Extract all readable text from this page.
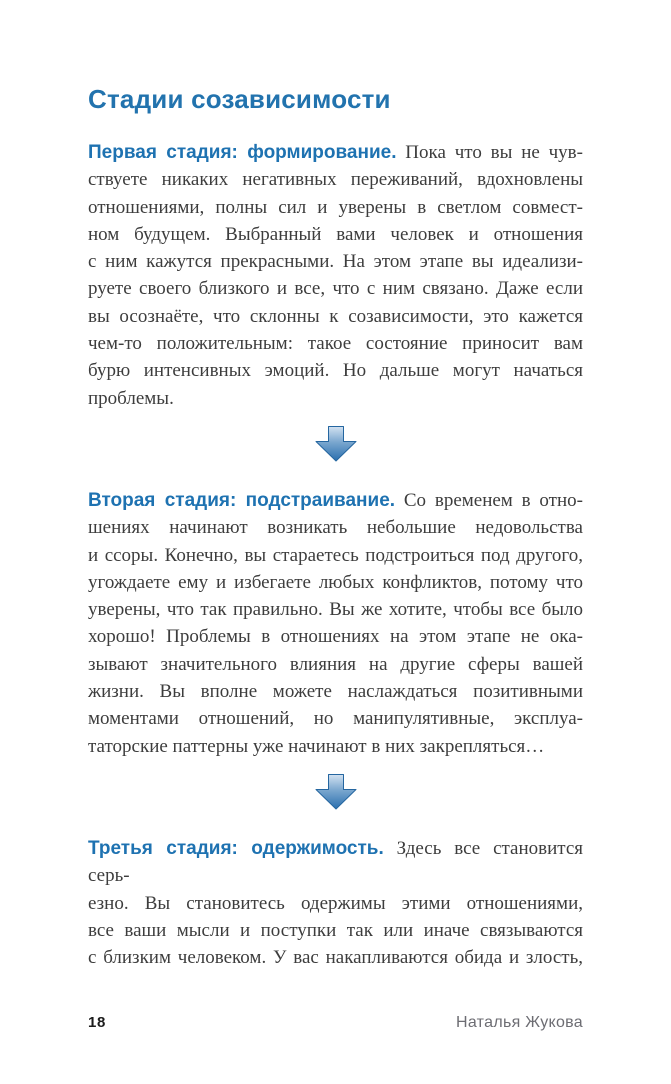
Стадии созависимости
Первая стадия: формирование. Пока что вы не чув-
ствуете никаких негативных переживаний, вдохновлены
отношениями, полны сил и уверены в светлом совмест-
ном будущем. Выбранный вами человек и отношения
с ним кажутся прекрасными. На этом этапе вы идеализи-
руете своего близкого и все, что с ним связано. Даже если
вы осознаёте, что склонны к созависимости, это кажется
чем-то положительным: такое состояние приносит вам
бурю интенсивных эмоций. Но дальше могут начаться
проблемы.
Вторая стадия: подстраивание. Со временем в отно-
шениях начинают возникать небольшие недовольства
и ссоры. Конечно, вы стараетесь подстроиться под другого,
угождаете ему и избегаете любых конфликтов, потому что
уверены, что так правильно. Вы же хотите, чтобы все было
хорошо! Проблемы в отношениях на этом этапе не ока-
зывают значительного влияния на другие сферы вашей
жизни. Вы вполне можете наслаждаться позитивными
моментами отношений, но манипулятивные, эксплуа-
таторские паттерны уже начинают в них закрепляться…
Третья стадия: одержимость. Здесь все становится серь-
езно. Вы становитесь одержимы этими отношениями,
все ваши мысли и поступки так или иначе связываются
с близким человеком. У вас накапливаются обида и злость,
18	Наталья Жукова
